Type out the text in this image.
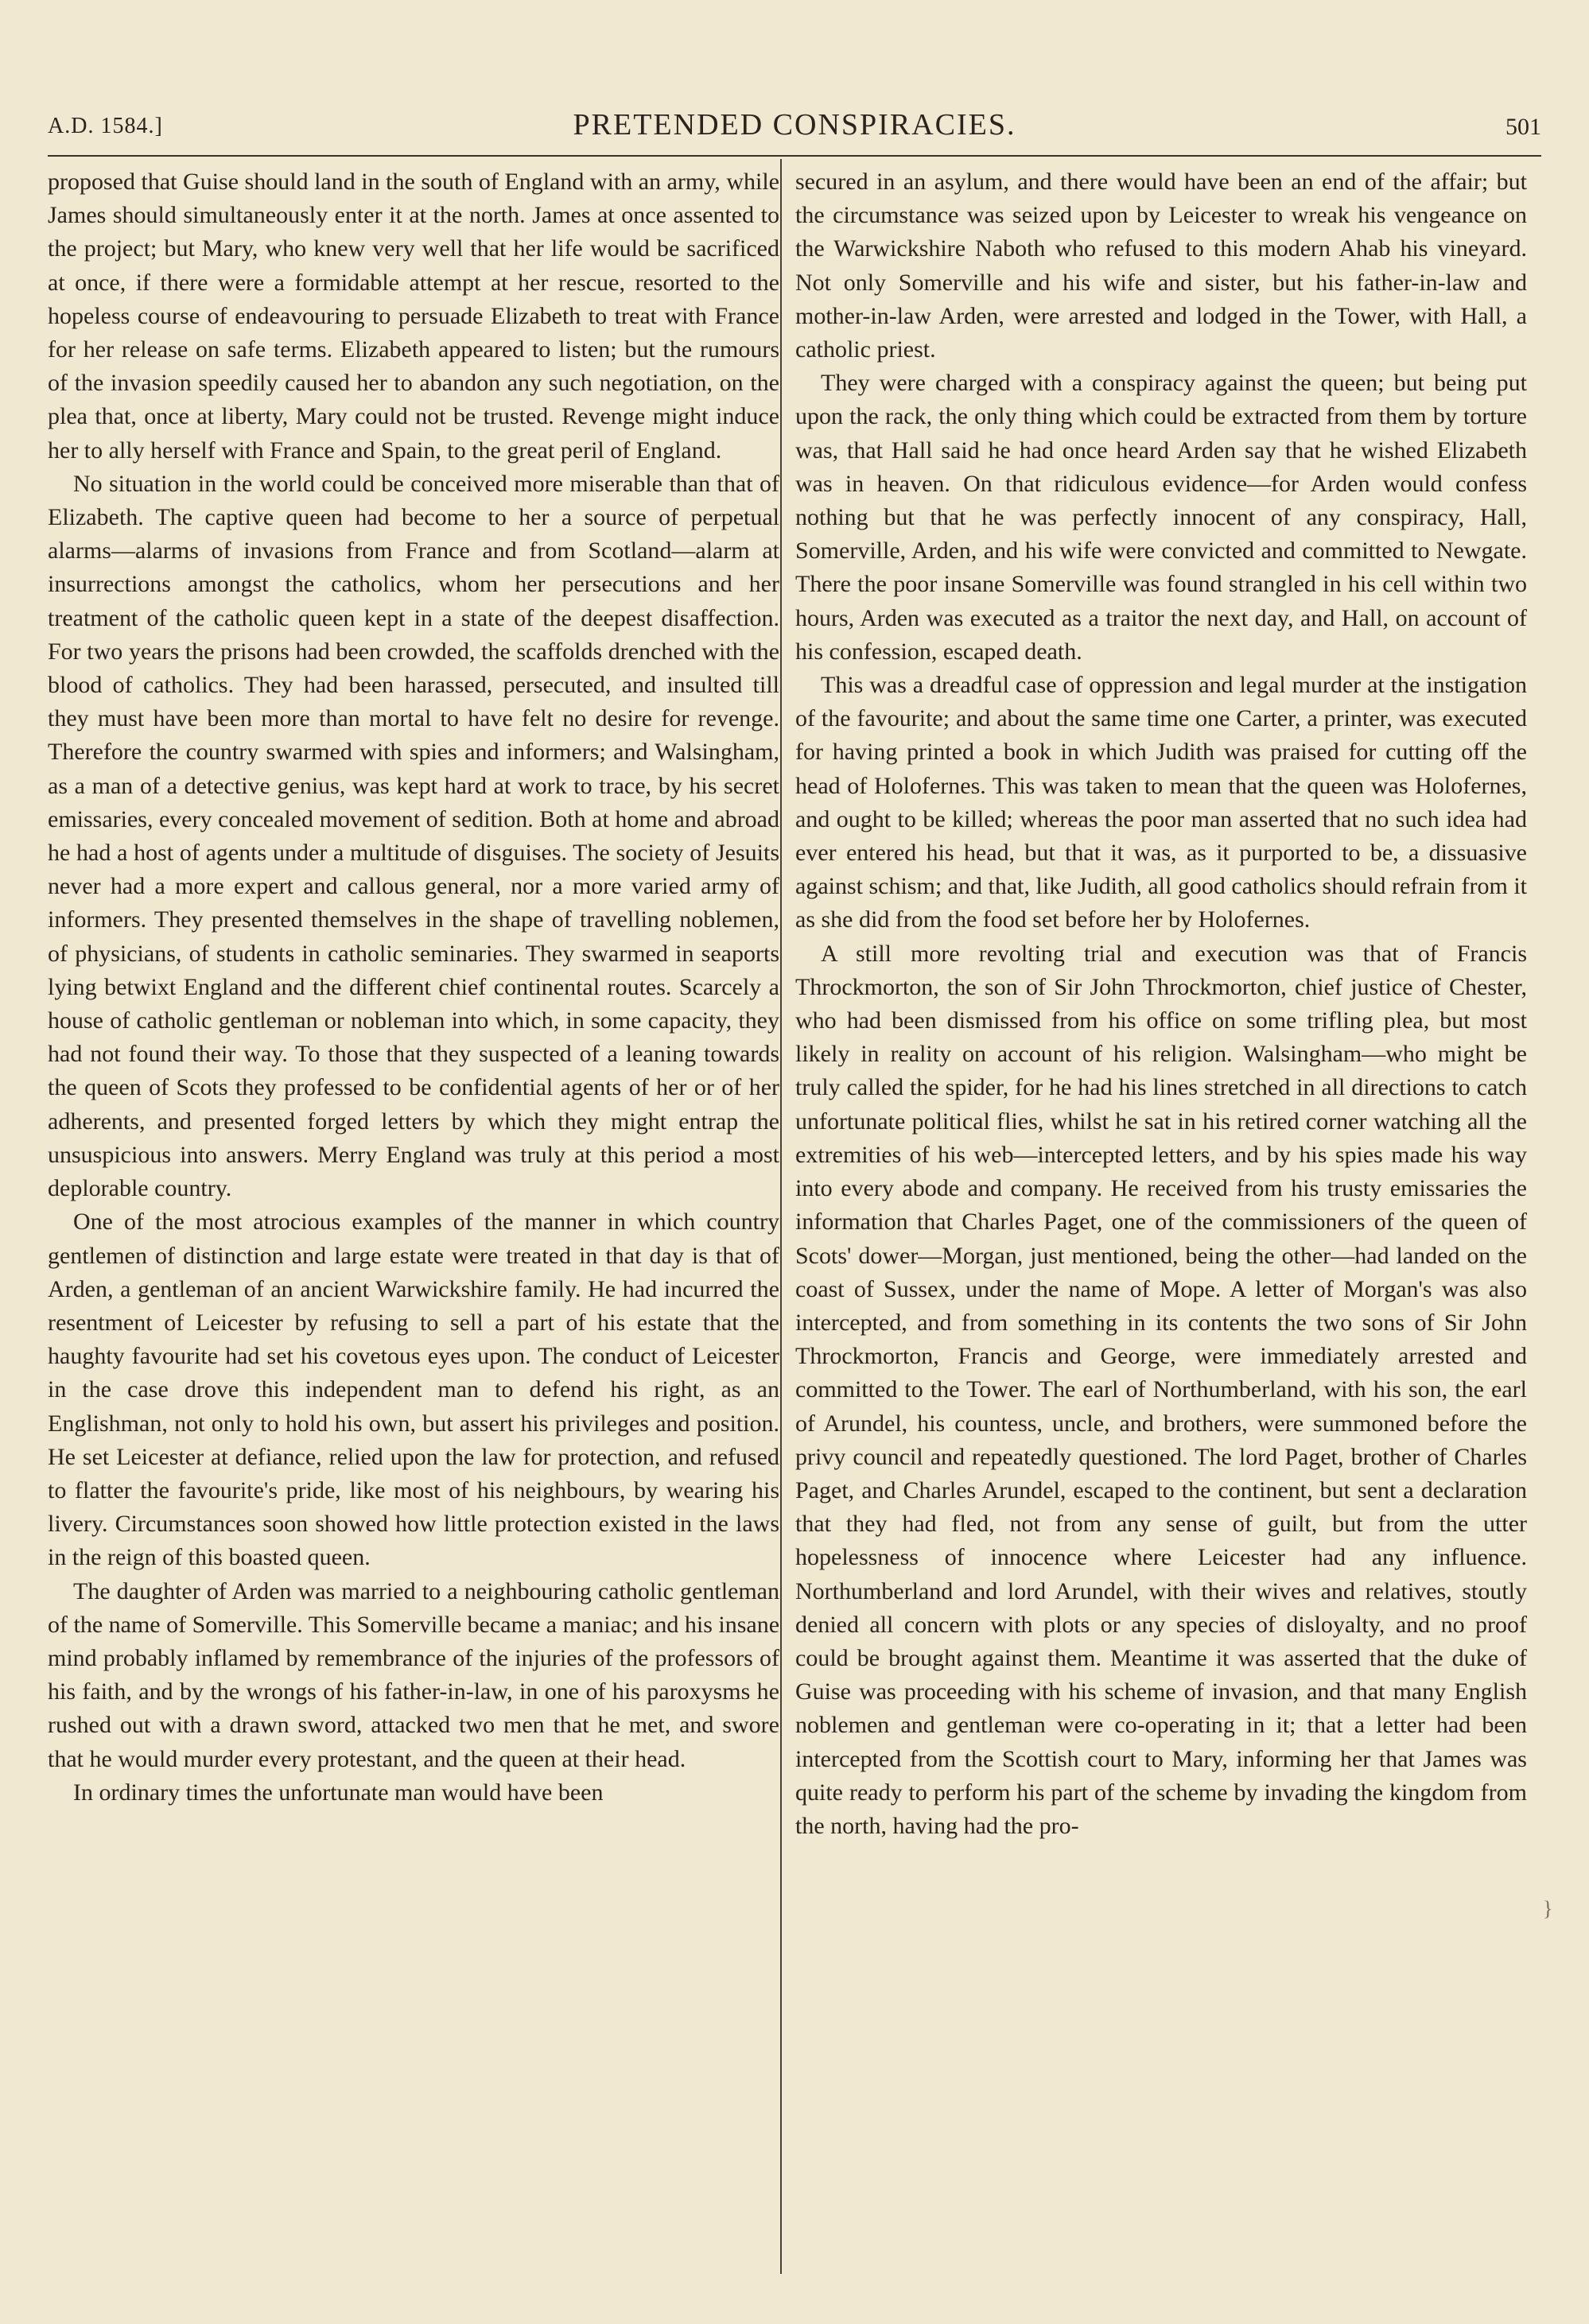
A.D. 1584.]	PRETENDED CONSPIRACIES.	501

proposed that Guise should land in the south of England with an army, while James should simultaneously enter it at the north. James at once assented to the project; but Mary, who knew very well that her life would be sacrificed at once, if there were a formidable attempt at her rescue, resorted to the hopeless course of endeavouring to persuade Elizabeth to treat with France for her release on safe terms. Elizabeth appeared to listen; but the rumours of the invasion speedily caused her to abandon any such negotiation, on the plea that, once at liberty, Mary could not be trusted. Revenge might induce her to ally herself with France and Spain, to the great peril of England.

No situation in the world could be conceived more miserable than that of Elizabeth. The captive queen had become to her a source of perpetual alarms—alarms of invasions from France and from Scotland—alarm at insurrections amongst the catholics, whom her persecutions and her treatment of the catholic queen kept in a state of the deepest disaffection. For two years the prisons had been crowded, the scaffolds drenched with the blood of catholics. They had been harassed, persecuted, and insulted till they must have been more than mortal to have felt no desire for revenge. Therefore the country swarmed with spies and informers; and Walsingham, as a man of a detective genius, was kept hard at work to trace, by his secret emissaries, every concealed movement of sedition. Both at home and abroad he had a host of agents under a multitude of disguises. The society of Jesuits never had a more expert and callous general, nor a more varied army of informers. They presented themselves in the shape of travelling noblemen, of physicians, of students in catholic seminaries. They swarmed in seaports lying betwixt England and the different chief continental routes. Scarcely a house of catholic gentleman or nobleman into which, in some capacity, they had not found their way. To those that they suspected of a leaning towards the queen of Scots they professed to be confidential agents of her or of her adherents, and presented forged letters by which they might entrap the unsuspicious into answers. Merry England was truly at this period a most deplorable country.

One of the most atrocious examples of the manner in which country gentlemen of distinction and large estate were treated in that day is that of Arden, a gentleman of an ancient Warwickshire family. He had incurred the resentment of Leicester by refusing to sell a part of his estate that the haughty favourite had set his covetous eyes upon. The conduct of Leicester in the case drove this independent man to defend his right, as an Englishman, not only to hold his own, but assert his privileges and position. He set Leicester at defiance, relied upon the law for protection, and refused to flatter the favourite's pride, like most of his neighbours, by wearing his livery. Circumstances soon showed how little protection existed in the laws in the reign of this boasted queen.

The daughter of Arden was married to a neighbouring catholic gentleman of the name of Somerville. This Somerville became a maniac; and his insane mind probably inflamed by remembrance of the injuries of the professors of his faith, and by the wrongs of his father-in-law, in one of his paroxysms he rushed out with a drawn sword, attacked two men that he met, and swore that he would murder every protestant, and the queen at their head.

In ordinary times the unfortunate man would have been

secured in an asylum, and there would have been an end of the affair; but the circumstance was seized upon by Leicester to wreak his vengeance on the Warwickshire Naboth who refused to this modern Ahab his vineyard. Not only Somerville and his wife and sister, but his father-in-law and mother-in-law Arden, were arrested and lodged in the Tower, with Hall, a catholic priest.

They were charged with a conspiracy against the queen; but being put upon the rack, the only thing which could be extracted from them by torture was, that Hall said he had once heard Arden say that he wished Elizabeth was in heaven. On that ridiculous evidence—for Arden would confess nothing but that he was perfectly innocent of any conspiracy, Hall, Somerville, Arden, and his wife were convicted and committed to Newgate. There the poor insane Somerville was found strangled in his cell within two hours, Arden was executed as a traitor the next day, and Hall, on account of his confession, escaped death.

This was a dreadful case of oppression and legal murder at the instigation of the favourite; and about the same time one Carter, a printer, was executed for having printed a book in which Judith was praised for cutting off the head of Holofernes. This was taken to mean that the queen was Holofernes, and ought to be killed; whereas the poor man asserted that no such idea had ever entered his head, but that it was, as it purported to be, a dissuasive against schism; and that, like Judith, all good catholics should refrain from it as she did from the food set before her by Holofernes.

A still more revolting trial and execution was that of Francis Throckmorton, the son of Sir John Throckmorton, chief justice of Chester, who had been dismissed from his office on some trifling plea, but most likely in reality on account of his religion. Walsingham—who might be truly called the spider, for he had his lines stretched in all directions to catch unfortunate political flies, whilst he sat in his retired corner watching all the extremities of his web—intercepted letters, and by his spies made his way into every abode and company. He received from his trusty emissaries the information that Charles Paget, one of the commissioners of the queen of Scots' dower—Morgan, just mentioned, being the other—had landed on the coast of Sussex, under the name of Mope. A letter of Morgan's was also intercepted, and from something in its contents the two sons of Sir John Throckmorton, Francis and George, were immediately arrested and committed to the Tower. The earl of Northumberland, with his son, the earl of Arundel, his countess, uncle, and brothers, were summoned before the privy council and repeatedly questioned. The lord Paget, brother of Charles Paget, and Charles Arundel, escaped to the continent, but sent a declaration that they had fled, not from any sense of guilt, but from the utter hopelessness of innocence where Leicester had any influence. Northumberland and lord Arundel, with their wives and relatives, stoutly denied all concern with plots or any species of disloyalty, and no proof could be brought against them. Meantime it was asserted that the duke of Guise was proceeding with his scheme of invasion, and that many English noblemen and gentleman were co-operating in it; that a letter had been intercepted from the Scottish court to Mary, informing her that James was quite ready to perform his part of the scheme by invading the kingdom from the north, having had the pro-

}
